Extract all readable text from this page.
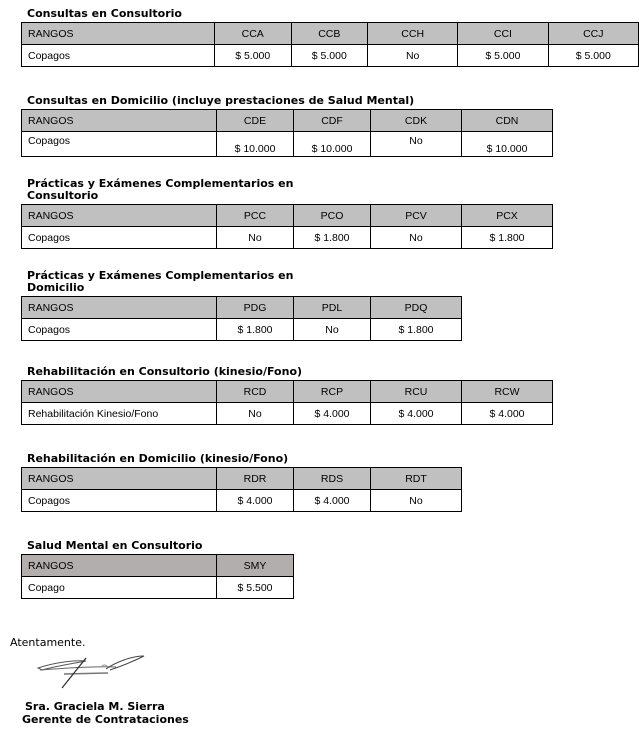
Consultas en Consultorio
RANGOS	CCA	CCB	CCH	CCI	CCJ
Copagos	$ 5.000	$ 5.000	No	$ 5.000	$ 5.000
Consultas en Domicilio (incluye prestaciones de Salud Mental)
RANGOS	CDE	CDF	CDK	CDN
Copagos	$ 10.000	$ 10.000	No	$ 10.000
Prácticas y Exámenes Complementarios en Consultorio
RANGOS	PCC	PCO	PCV	PCX
Copagos	No	$ 1.800	No	$ 1.800
Prácticas y Exámenes Complementarios en Domicilio
RANGOS	PDG	PDL	PDQ
Copagos	$ 1.800	No	$ 1.800
Rehabilitación en Consultorio (kinesio/Fono)
RANGOS	RCD	RCP	RCU	RCW
Rehabilitación Kinesio/Fono	No	$ 4.000	$ 4.000	$ 4.000
Rehabilitación en Domicilio (kinesio/Fono)
RANGOS	RDR	RDS	RDT
Copagos	$ 4.000	$ 4.000	No
Salud Mental en Consultorio
RANGOS	SMY
Copago	$ 5.500
Atentamente.
Sra. Graciela M. Sierra
Gerente de Contrataciones
